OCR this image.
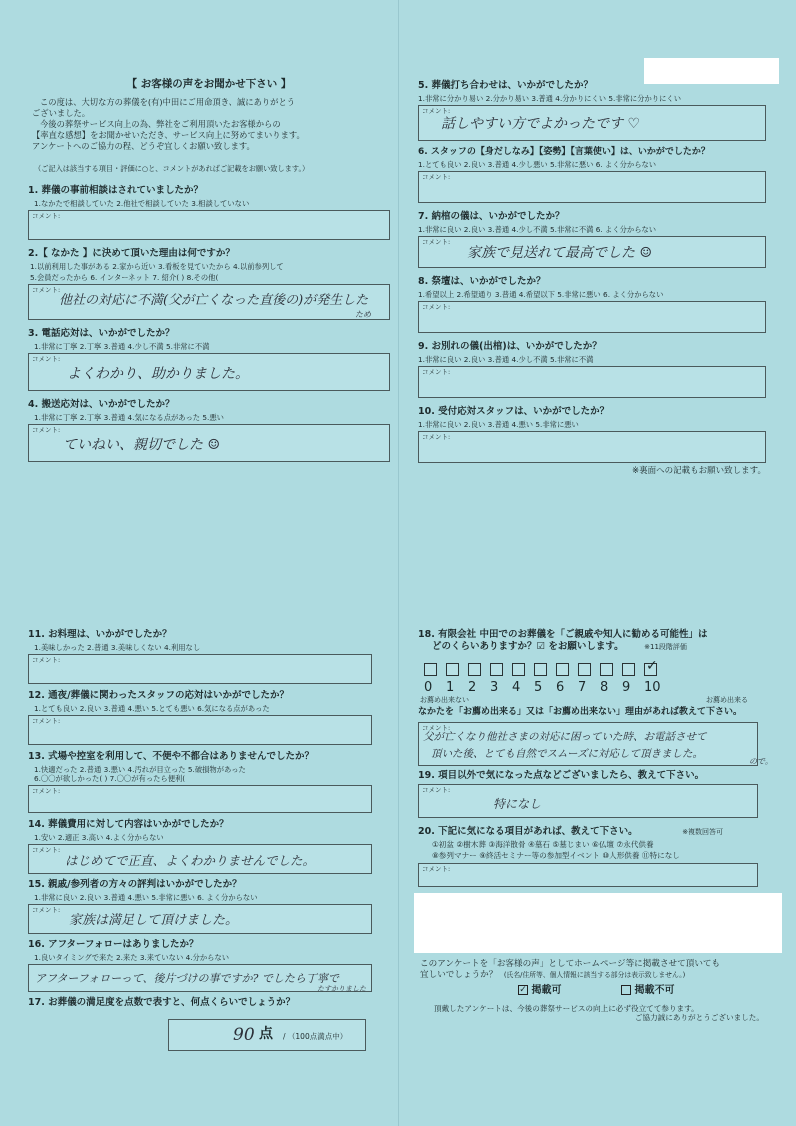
【 お客様の声をお聞かせ下さい 】
この度は、大切な方の葬儀を(有)中田にご用命頂き、誠にありがとう
ございました。
今後の葬祭サービス向上の為、弊社をご利用頂いたお客様からの
【率直な感想】をお聞かせいただき、サービス向上に努めてまいります。
アンケートへのご協力の程、どうぞ宜しくお願い致します。
（ご記入は該当する項目・評価に○と、コメントがあればご記載をお願い致します。）
1. 葬儀の事前相談はされていましたか？
1.なかたで相談していた 2.他社で相談していた 3.相談していない
コメント:
2.【 なかた 】に決めて頂いた理由は何ですか？
1.以前利用した事がある 2.家から近い 3.看板を見ていたから 4.以前参列して
5.会員だったから 6. インターネット 7. 紹介( ) 8.その他(
コメント:
他社の対応に不満(父が亡くなった直後の)が発生した
ため
3. 電話応対は、いかがでしたか？
1.非常に丁寧 2.丁寧 3.普通 4.少し不満 5.非常に不満
コメント:
よくわかり、助かりました。
4. 搬送応対は、いかがでしたか？
1.非常に丁寧 2.丁寧 3.普通 4.気になる点があった 5.悪い
コメント:
ていねい、親切でした ☺
5. 葬儀打ち合わせは、いかがでしたか？
1.非常に分かり易い 2.分かり易い 3.普通 4.分かりにくい 5.非常に分かりにくい
コメント:
話しやすい方でよかったです ♡
6. スタッフの【身だしなみ】【姿勢】【言葉使い】は、いかがでしたか？
1.とても良い 2.良い 3.普通 4.少し悪い 5.非常に悪い 6. よく分からない
コメント:
7. 納棺の儀は、いかがでしたか？
1.非常に良い 2.良い 3.普通 4.少し不満 5.非常に不満 6. よく分からない
コメント:
家族で見送れて最高でした ☺
8. 祭壇は、いかがでしたか？
1.希望以上 2.希望通り 3.普通 4.希望以下 5.非常に悪い 6. よく分からない
コメント:
9. お別れの儀(出棺)は、いかがでしたか？
1.非常に良い 2.良い 3.普通 4.少し不満 5.非常に不満
コメント:
10. 受付応対スタッフは、いかがでしたか？
1.非常に良い 2.良い 3.普通 4.悪い 5.非常に悪い
コメント:
※裏面への記載もお願い致します。
11. お料理は、いかがでしたか？
1.美味しかった 2.普通 3.美味しくない 4.利用なし
コメント:
12. 通夜/葬儀に関わったスタッフの応対はいかがでしたか？
1.とても良い 2.良い 3.普通 4.悪い 5.とても悪い 6.気になる点があった
コメント:
13. 式場や控室を利用して、不便や不都合はありませんでしたか？
1.快適だった 2.普通 3.悪い 4.汚れが目立った 5.破損物があった
6.〇〇が欲しかった( ) 7.〇〇が有ったら便利(
コメント:
14. 葬儀費用に対して内容はいかがでしたか？
1.安い 2.適正 3.高い 4.よく分からない
コメント:
はじめてで正直、よくわかりませんでした。
15. 親戚/参列者の方々の評判はいかがでしたか？
1.非常に良い 2.良い 3.普通 4.悪い 5.非常に悪い 6. よく分からない
コメント:
家族は満足して頂けました。
16. アフターフォローはありましたか？
1.良いタイミングで来た 2.来た 3.来ていない 4.分からない
アフターフォローって、後片づけの事ですか? でしたら丁寧で
たすかりました
17. お葬儀の満足度を点数で表すと、何点くらいでしょうか？
90 点 / （100点満点中）
18. 有限会社 中田でのお葬儀を「ご親戚や知人に勧める可能性」は
どのくらいありますか？☑ をお願いします。	※11段階評価
✓
0 1 2 3 4 5 6 7 8 9 10
お薦め出来ない	お薦め出来る
なかたを「お薦め出来る」又は「お薦め出来ない」理由があれば教えて下さい。
コメント:
父が亡くなり他社さまの対応に困っていた時、お電話させて
頂いた後、とても自然でスムーズに対応して頂きました。
ので。
19. 項目以外で気になった点などございましたら、教えて下さい。
コメント:
特になし
20. 下記に気になる項目があれば、教えて下さい。	※複数回答可
①初盆 ②樹木葬 ③海洋散骨 ④墓石 ⑤墓じまい ⑥仏壇 ⑦永代供養
⑧参列マナー ⑨終活セミナー等の参加型イベント ⑩人形供養 ⑪特になし
コメント:
このアンケートを「お客様の声」としてホームページ等に掲載させて頂いても
宜しいでしょうか？ (氏名/住所等、個人情報に該当する部分は表示致しません。)
✓ 掲載可	掲載不可
頂戴したアンケートは、今後の葬祭サービスの向上に必ず役立てて参ります。
ご協力誠にありがとうございました。
